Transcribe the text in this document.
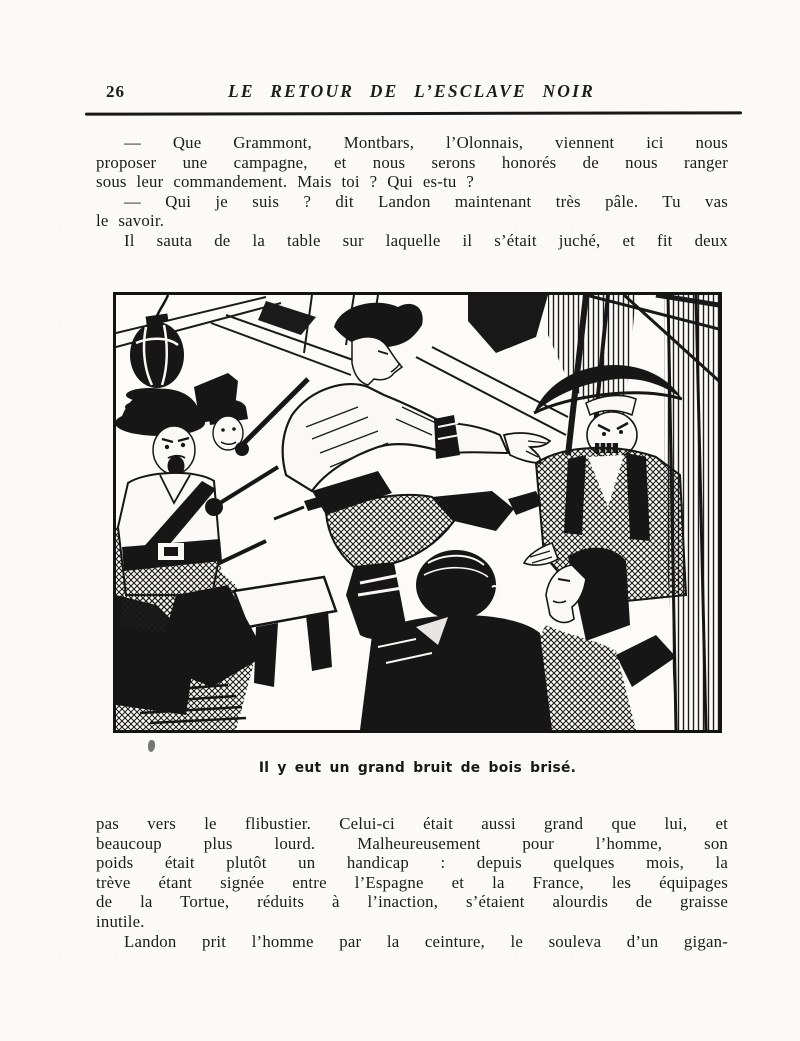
26	LE RETOUR DE L’ESCLAVE NOIR

— Que Grammont, Montbars, l’Olonnais, viennent ici nous

proposer une campagne, et nous serons honorés de nous ranger

sous leur commandement. Mais toi ? Qui es-tu ?

— Qui je suis ? dit Landon maintenant très pâle. Tu vas

le savoir.

Il sauta de la table sur laquelle il s’était juché, et fit deux

Il y eut un grand bruit de bois brisé.

pas vers le flibustier. Celui-ci était aussi grand que lui, et

beaucoup plus lourd. Malheureusement pour l’homme, son

poids était plutôt un handicap : depuis quelques mois, la

trève étant signée entre l’Espagne et la France, les équipages

de la Tortue, réduits à l’inaction, s’étaient alourdis de graisse

inutile.

Landon prit l’homme par la ceinture, le souleva d’un gigan-
